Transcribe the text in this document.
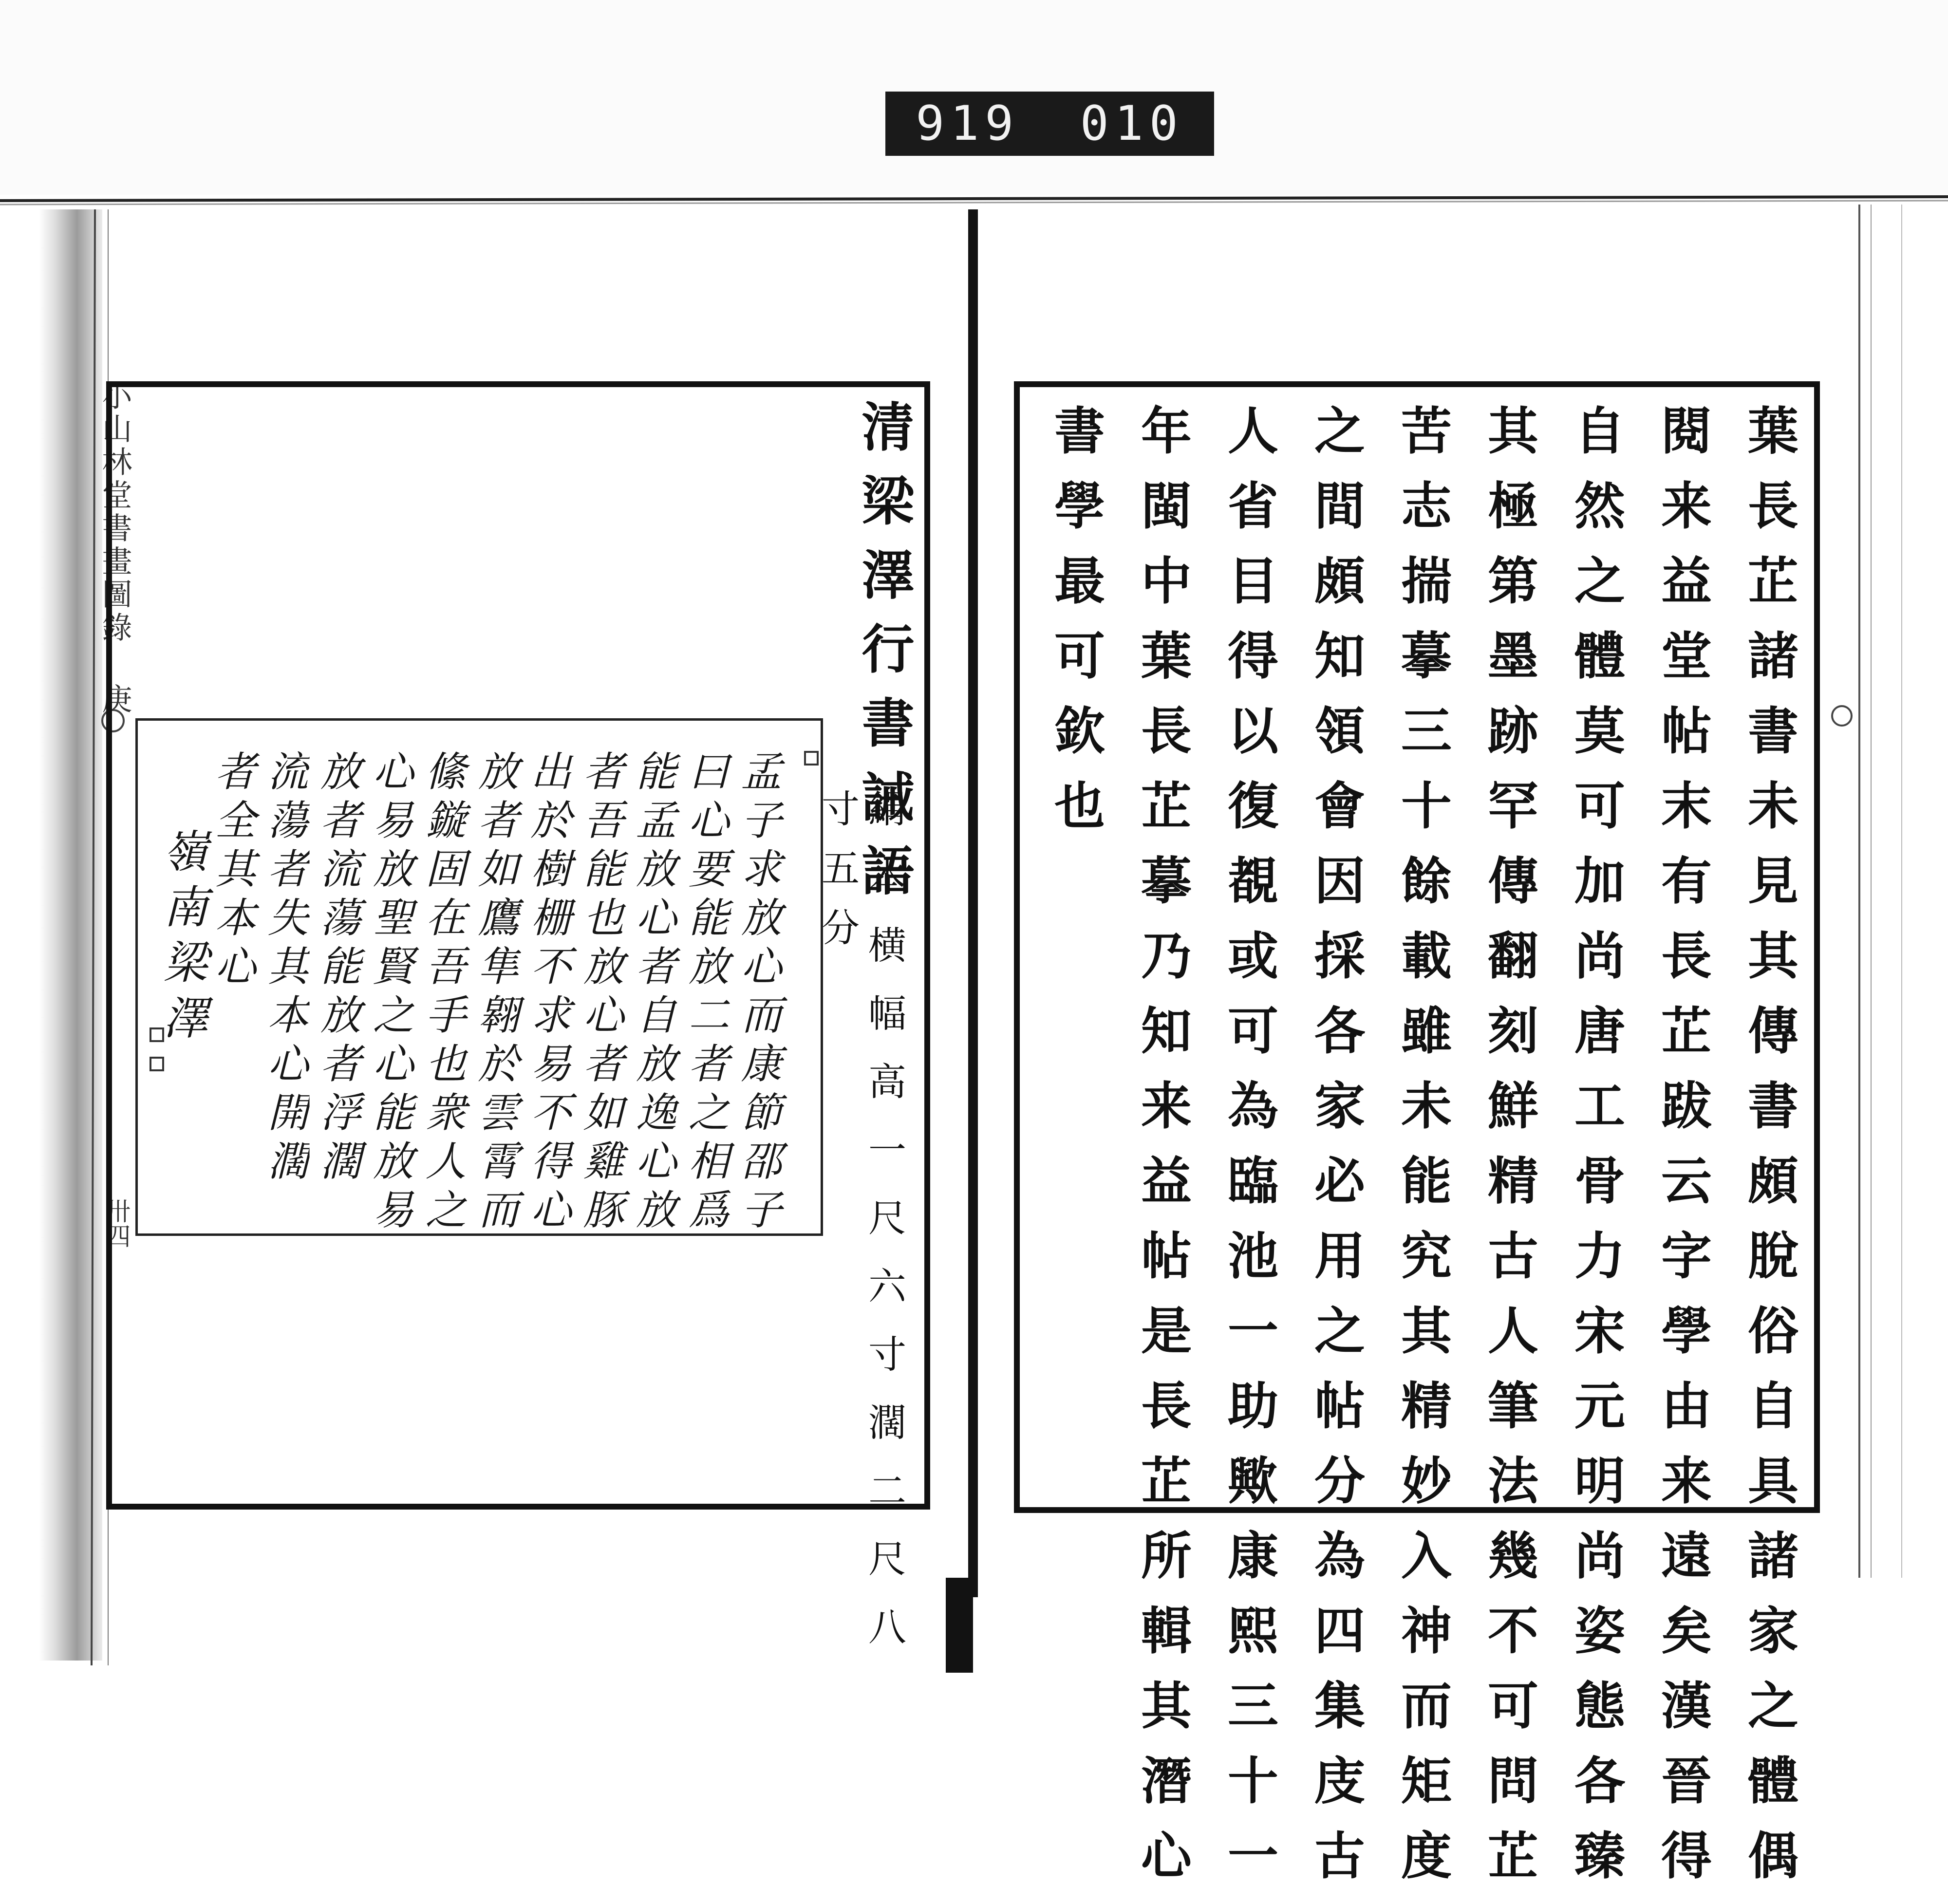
919 010
小山林堂書畫圖錄 庚
卅四
清梁澤行書誡語
絹本横幅高一尺六寸濶二尺八
寸五分
孟子求放心而康節邵子
曰心要能放二者之相爲
能孟放心者自放逸心放
者吾能也放心者如雞豚
出於樹栅不求易不得心
放者如鷹隼翱於雲霄而
絛鏇固在吾手也衆人之
心易放聖賢之心能放易
放者流蕩能放者浮濶
流蕩者失其本心開濶
者全其本心
嶺南梁澤	葉長芷諸書未見其傳書頗脫俗自具諸家之體偶
閱来益堂帖末有長芷跋云字學由来遠矣漢晉得
自然之體莫可加尚唐工骨力宋元明尚姿態各臻
其極第墨跡罕傳翻刻鮮精古人筆法幾不可問芷
苦志揣摹三十餘載雖未能究其精妙入神而矩度
之間頗知領會因採各家必用之帖分為四集庋古
人省目得以復覩或可為臨池一助歟康熙三十一
年閩中葉長芷摹乃知来益帖是長芷所輯其潛心
書學最可欽也
